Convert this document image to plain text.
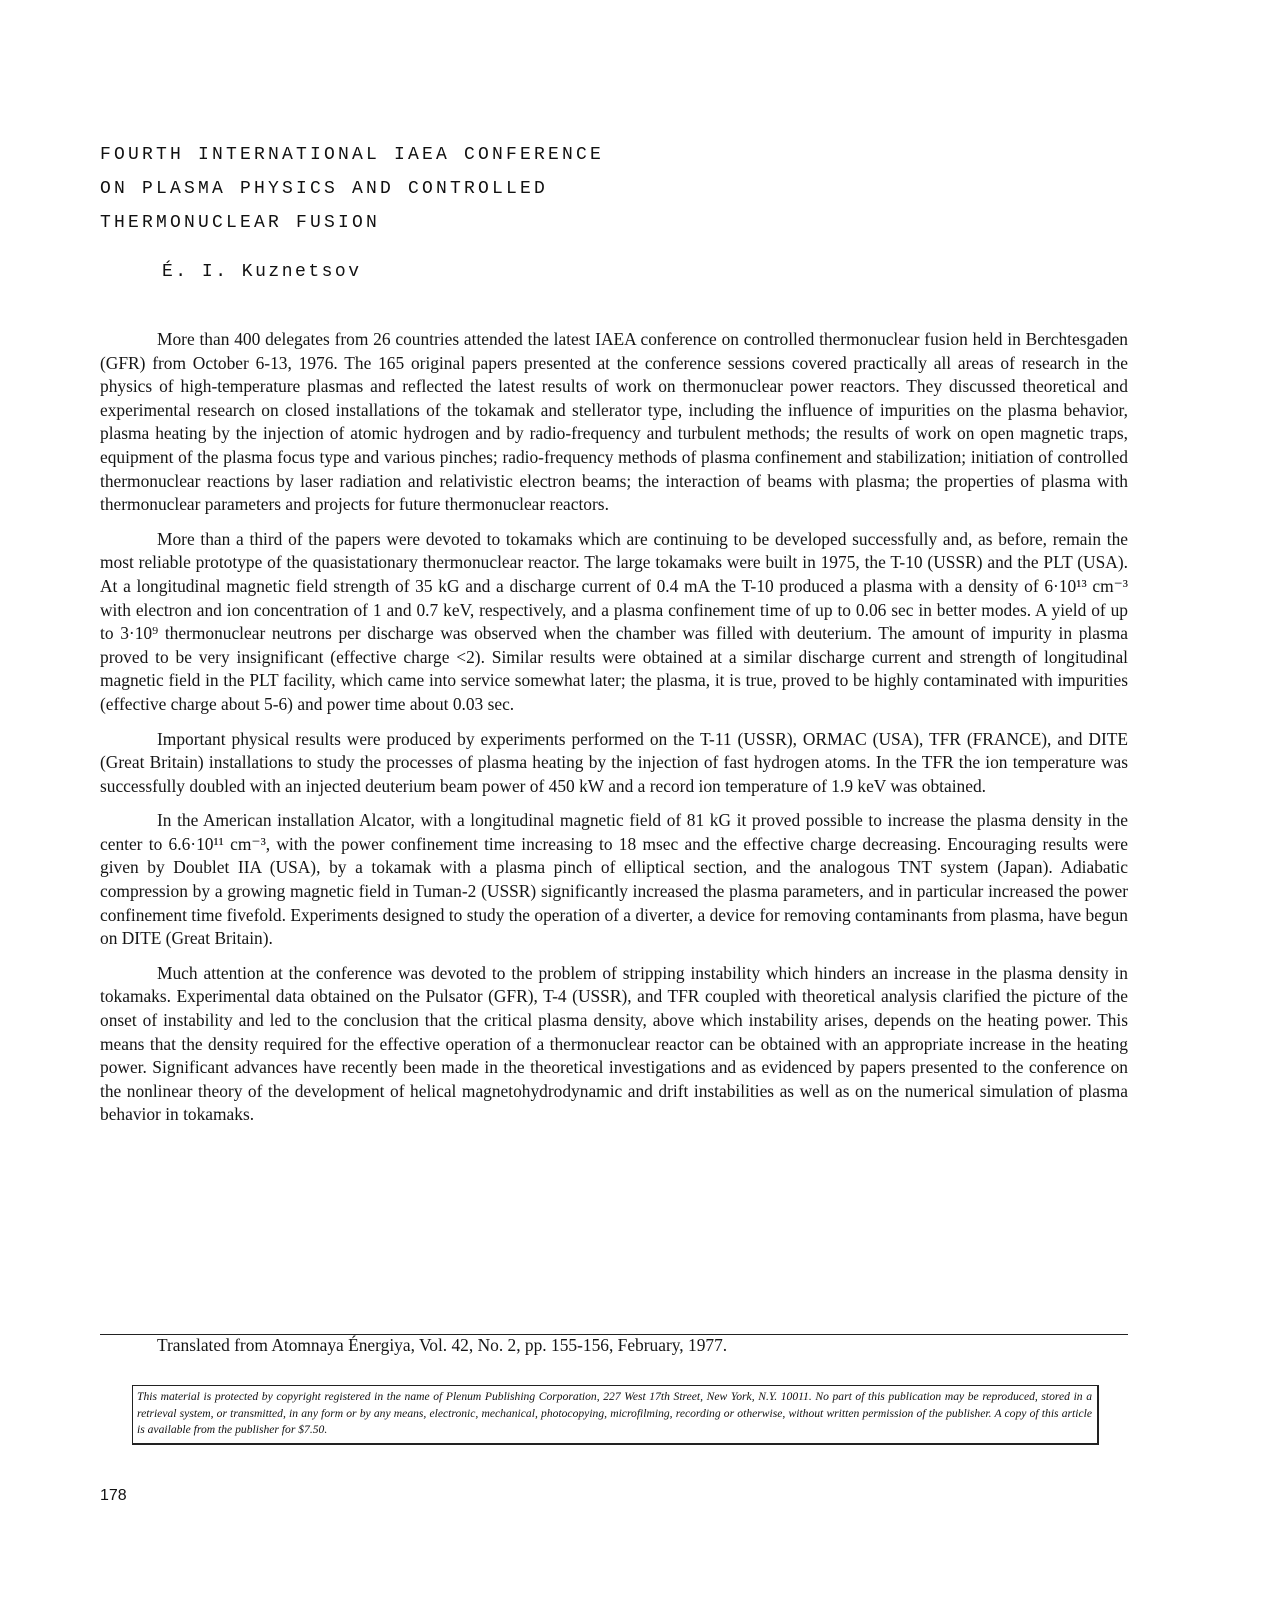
FOURTH INTERNATIONAL IAEA CONFERENCE
ON PLASMA PHYSICS AND CONTROLLED
THERMONUCLEAR FUSION
É. I. Kuznetsov

More than 400 delegates from 26 countries attended the latest IAEA conference on controlled thermonuclear fusion held in Berchtesgaden (GFR) from October 6-13, 1976. The 165 original papers presented at the conference sessions covered practically all areas of research in the physics of high-temperature plasmas and reflected the latest results of work on thermonuclear power reactors. They discussed theoretical and experimental research on closed installations of the tokamak and stellerator type, including the influence of impurities on the plasma behavior, plasma heating by the injection of atomic hydrogen and by radio-frequency and turbulent methods; the results of work on open magnetic traps, equipment of the plasma focus type and various pinches; radio-frequency methods of plasma confinement and stabilization; initiation of controlled thermonuclear reactions by laser radiation and relativistic electron beams; the interaction of beams with plasma; the properties of plasma with thermonuclear parameters and projects for future thermonuclear reactors.

More than a third of the papers were devoted to tokamaks which are continuing to be developed successfully and, as before, remain the most reliable prototype of the quasistationary thermonuclear reactor. The large tokamaks were built in 1975, the T-10 (USSR) and the PLT (USA). At a longitudinal magnetic field strength of 35 kG and a discharge current of 0.4 mA the T-10 produced a plasma with a density of 6·10¹³ cm⁻³ with electron and ion concentration of 1 and 0.7 keV, respectively, and a plasma confinement time of up to 0.06 sec in better modes. A yield of up to 3·10⁹ thermonuclear neutrons per discharge was observed when the chamber was filled with deuterium. The amount of impurity in plasma proved to be very insignificant (effective charge <2). Similar results were obtained at a similar discharge current and strength of longitudinal magnetic field in the PLT facility, which came into service somewhat later; the plasma, it is true, proved to be highly contaminated with impurities (effective charge about 5-6) and power time about 0.03 sec.

Important physical results were produced by experiments performed on the T-11 (USSR), ORMAC (USA), TFR (FRANCE), and DITE (Great Britain) installations to study the processes of plasma heating by the injection of fast hydrogen atoms. In the TFR the ion temperature was successfully doubled with an injected deuterium beam power of 450 kW and a record ion temperature of 1.9 keV was obtained.

In the American installation Alcator, with a longitudinal magnetic field of 81 kG it proved possible to increase the plasma density in the center to 6.6·10¹¹ cm⁻³, with the power confinement time increasing to 18 msec and the effective charge decreasing. Encouraging results were given by Doublet IIA (USA), by a tokamak with a plasma pinch of elliptical section, and the analogous TNT system (Japan). Adiabatic compression by a growing magnetic field in Tuman-2 (USSR) significantly increased the plasma parameters, and in particular increased the power confinement time fivefold. Experiments designed to study the operation of a diverter, a device for removing contaminants from plasma, have begun on DITE (Great Britain).

Much attention at the conference was devoted to the problem of stripping instability which hinders an increase in the plasma density in tokamaks. Experimental data obtained on the Pulsator (GFR), T-4 (USSR), and TFR coupled with theoretical analysis clarified the picture of the onset of instability and led to the conclusion that the critical plasma density, above which instability arises, depends on the heating power. This means that the density required for the effective operation of a thermonuclear reactor can be obtained with an appropriate increase in the heating power. Significant advances have recently been made in the theoretical investigations and as evidenced by papers presented to the conference on the nonlinear theory of the development of helical magnetohydrodynamic and drift instabilities as well as on the numerical simulation of plasma behavior in tokamaks.

Translated from Atomnaya Énergiya, Vol. 42, No. 2, pp. 155-156, February, 1977.
This material is protected by copyright registered in the name of Plenum Publishing Corporation, 227 West 17th Street, New York, N.Y. 10011. No part of this publication may be reproduced, stored in a retrieval system, or transmitted, in any form or by any means, electronic, mechanical, photocopying, microfilming, recording or otherwise, without written permission of the publisher. A copy of this article is available from the publisher for $7.50.
178
